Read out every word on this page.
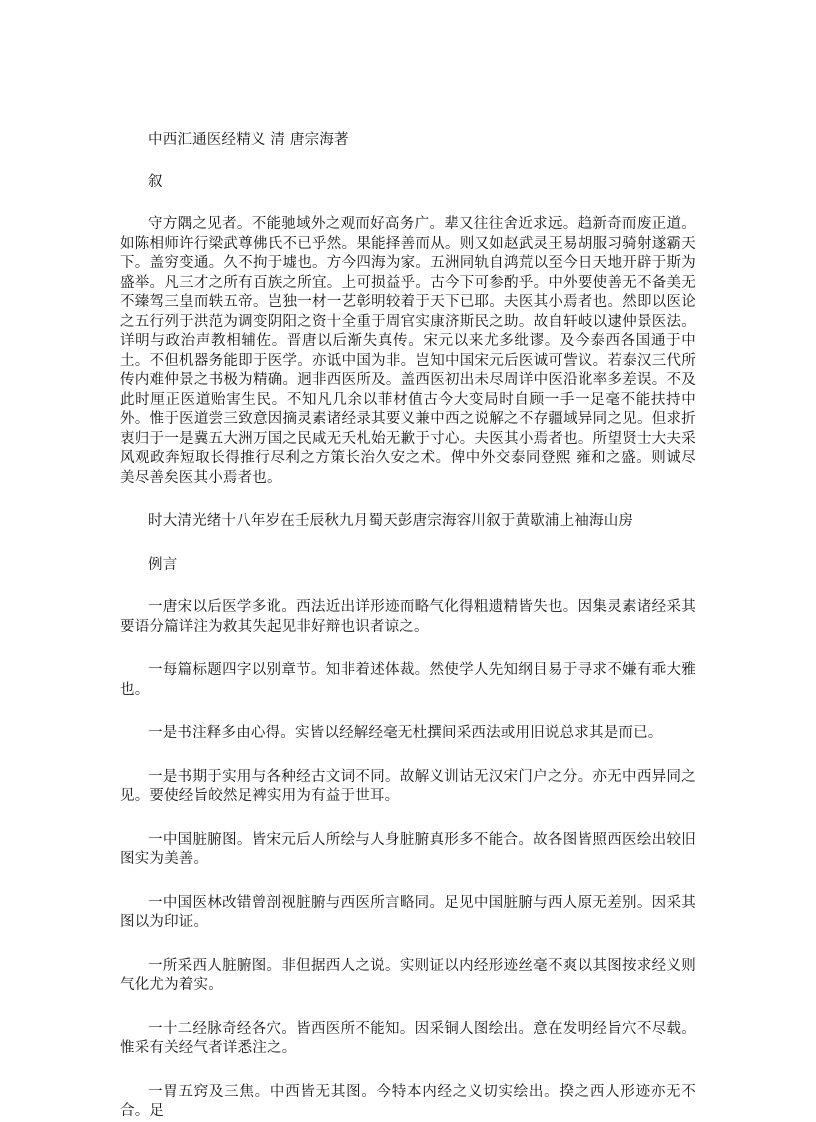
中西汇通医经精义 清 唐宗海著

叙

守方隅之见者。不能驰域外之观而好高务广。辈又往往舍近求远。趋新奇而废正道。如陈相师许行梁武尊佛氏不已乎然。果能择善而从。则又如赵武灵王易胡服习骑射遂霸天下。盖穷变通。久不拘于墟也。方今四海为家。五洲同轨自鸿荒以至今日天地开辟于斯为盛举。凡三才之所有百族之所宜。上可损益乎。古今下可参酌乎。中外要使善无不备美无不臻驾三皇而轶五帝。岂独一材一艺彰明较着于天下已耶。夫医其小焉者也。然即以医论之五行列于洪范为调变阴阳之资十全重于周官实康济斯民之助。故自轩岐以逮仲景医法。详明与政治声教相辅佐。晋唐以后渐失真传。宋元以来尤多纰谬。及今泰西各国通于中土。不但机器务能即于医学。亦诋中国为非。岂知中国宋元后医诚可訾议。若泰汉三代所传内难仲景之书极为精确。迥非西医所及。盖西医初出未尽周详中医沿讹率多差误。不及此时厘正医道贻害生民。不知凡几余以菲材值古今大变局时自顾一手一足毫不能扶持中外。惟于医道尝三致意因摘灵素诸经录其要义兼中西之说解之不存疆域异同之见。但求折衷归于一是冀五大洲万国之民咸无夭札始无歉于寸心。夫医其小焉者也。所望贤士大夫采风观政奔短取长得推行尽利之方策长治久安之术。俾中外交泰同登熙 雍和之盛。则诚尽美尽善矣医其小焉者也。

时大清光绪十八年岁在壬辰秋九月蜀天彭唐宗海容川叙于黄歇浦上袖海山房

例言

一唐宋以后医学多讹。西法近出详形迹而略气化得粗遗精皆失也。因集灵素诸经采其要语分篇详注为救其失起见非好辩也识者谅之。

一每篇标题四字以别章节。知非着述体裁。然使学人先知纲目易于寻求不嫌有乖大雅也。

一是书注释多由心得。实皆以经解经毫无杜撰间采西法或用旧说总求其是而已。

一是书期于实用与各种经古文词不同。故解义训诂无汉宋门户之分。亦无中西异同之见。要使经旨皎然足裨实用为有益于世耳。

一中国脏腑图。皆宋元后人所绘与人身脏腑真形多不能合。故各图皆照西医绘出较旧图实为美善。

一中国医林改错曾剖视脏腑与西医所言略同。足见中国脏腑与西人原无差别。因采其图以为印证。

一所采西人脏腑图。非但据西人之说。实则证以内经形迹丝毫不爽以其图按求经义则气化尤为着实。

一十二经脉奇经各穴。皆西医所不能知。因采铜人图绘出。意在发明经旨穴不尽载。惟采有关经气者详悉注之。

一胃五窍及三焦。中西皆无其图。今特本内经之义切实绘出。揆之西人形迹亦无不合。足
